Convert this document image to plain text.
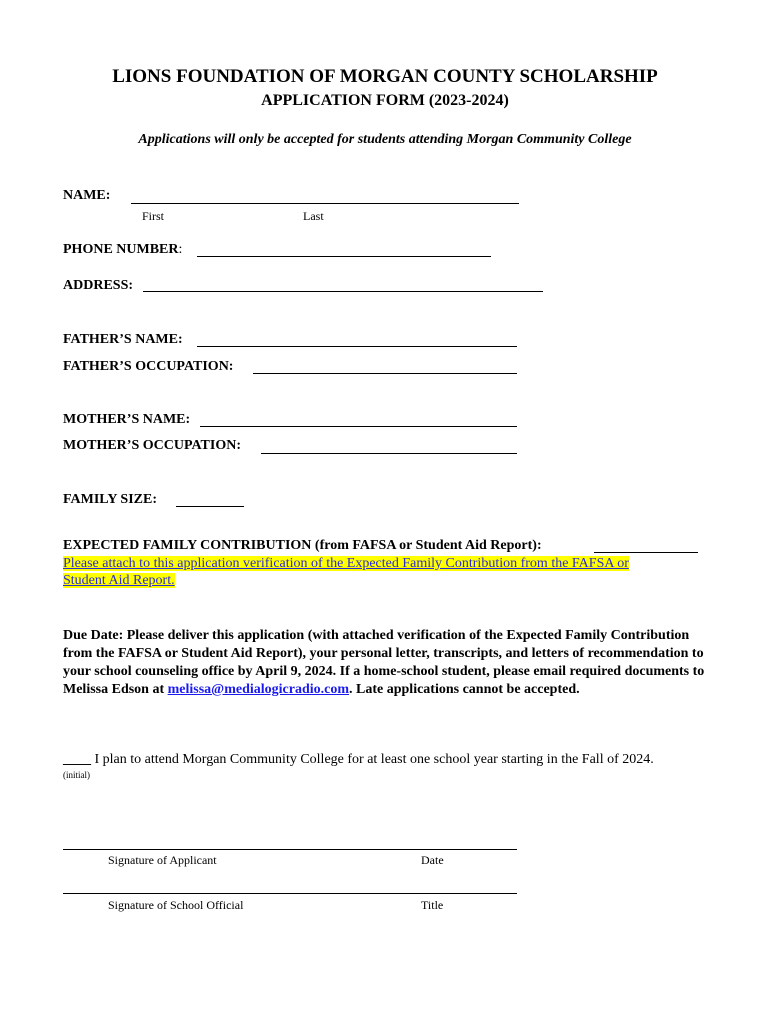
LIONS FOUNDATION OF MORGAN COUNTY SCHOLARSHIP
APPLICATION FORM (2023-2024)
Applications will only be accepted for students attending Morgan Community College
NAME:
First	Last
PHONE NUMBER:
ADDRESS:
FATHER’S NAME:
FATHER’S OCCUPATION:
MOTHER’S NAME:
MOTHER’S OCCUPATION:
FAMILY SIZE:
EXPECTED FAMILY CONTRIBUTION (from FAFSA or Student Aid Report):
Please attach to this application verification of the Expected Family Contribution from the FAFSA or
Student Aid Report.
Due Date: Please deliver this application (with attached verification of the Expected Family Contribution from the FAFSA or Student Aid Report), your personal letter, transcripts, and letters of recommendation to your school counseling office by April 9, 2024. If a home-school student, please email required documents to Melissa Edson at melissa@medialogicradio.com. Late applications cannot be accepted.
____ I plan to attend Morgan Community College for at least one school year starting in the Fall of 2024.
(initial)
Signature of Applicant	Date
Signature of School Official	Title
